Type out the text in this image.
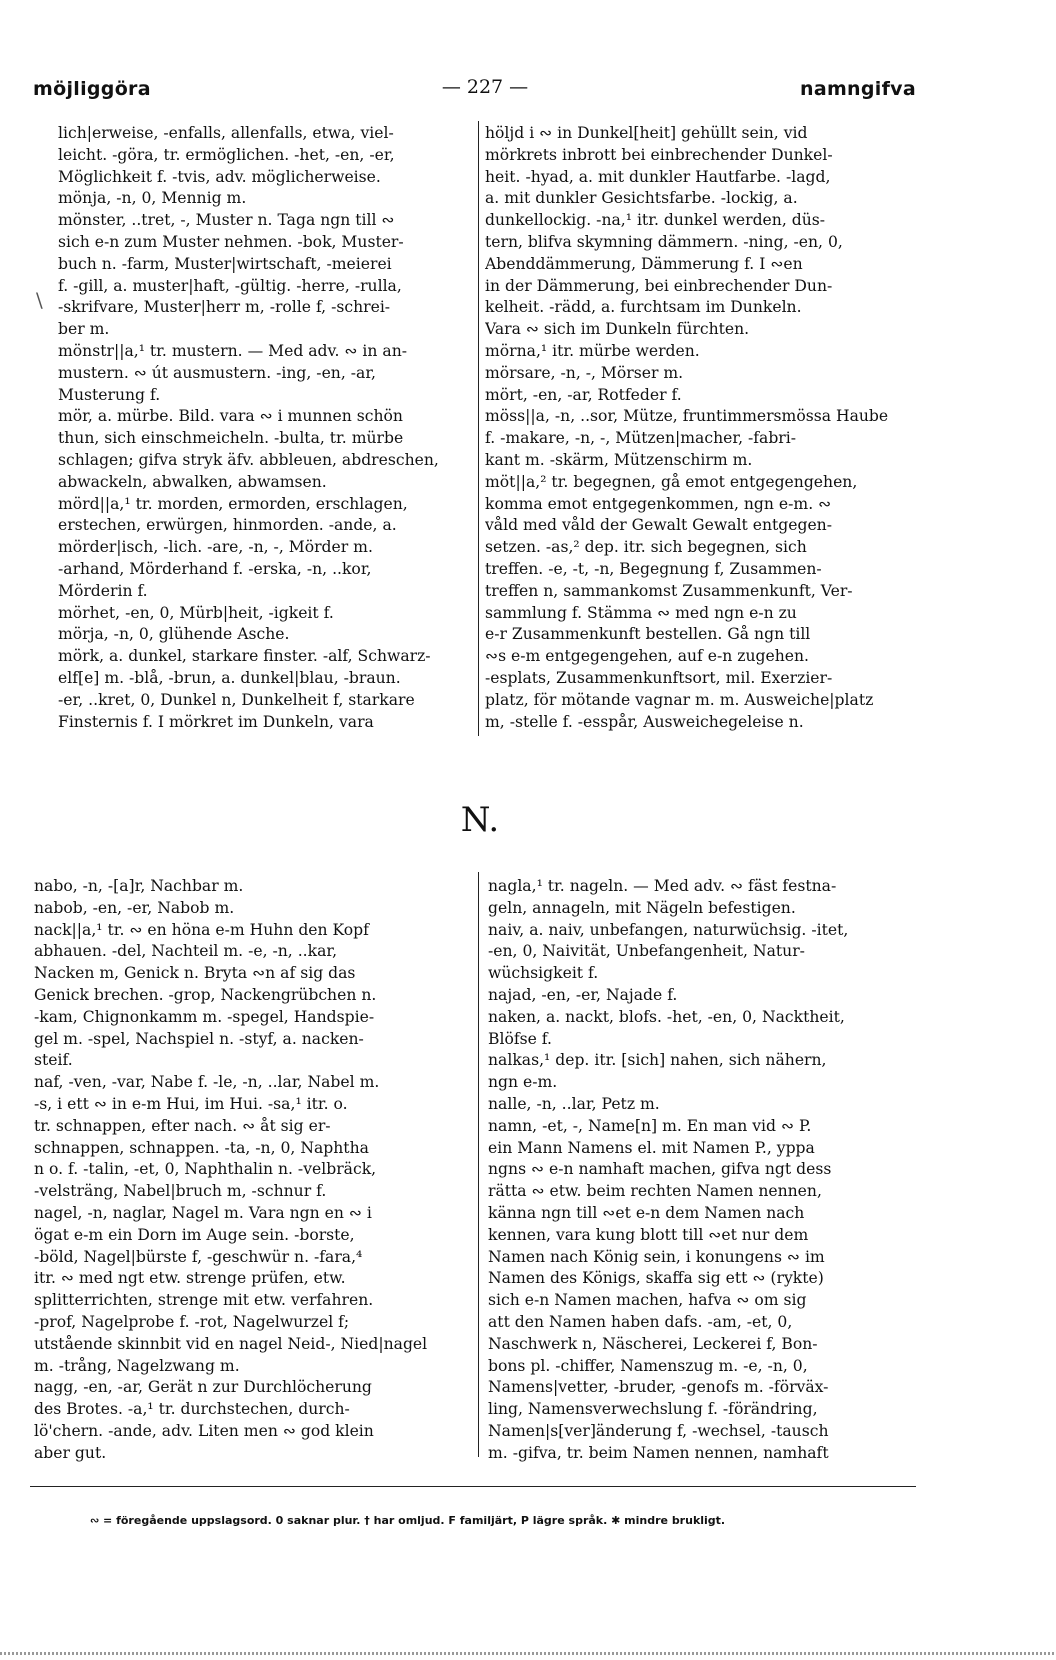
möjliggöra	— 227 —	namngifva
\
lich|erweise, -enfalls, allenfalls, etwa, viel-
leicht. -göra, tr. ermöglichen. -het, -en, -er,
Möglichkeit f. -tvis, adv. möglicherweise.
mönja, -n, 0, Mennig m.
mönster, ..tret, -, Muster n. Taga ngn till ∾
sich e-n zum Muster nehmen. -bok, Muster-
buch n. -farm, Muster|wirtschaft, -meierei
f. -gill, a. muster|haft, -gültig. -herre, -rulla,
-skrifvare, Muster|herr m, -rolle f, -schrei-
ber m.
mönstr||a,¹ tr. mustern. — Med adv. ∾ in an-
mustern. ∾ út ausmustern. -ing, -en, -ar,
Musterung f.
mör, a. mürbe. Bild. vara ∾ i munnen schön
thun, sich einschmeicheln. -bulta, tr. mürbe
schlagen; gifva stryk äfv. abbleuen, abdreschen,
abwackeln, abwalken, abwamsen.
mörd||a,¹ tr. morden, ermorden, erschlagen,
erstechen, erwürgen, hinmorden. -ande, a.
mörder|isch, -lich. -are, -n, -, Mörder m.
-arhand, Mörderhand f. -erska, -n, ..kor,
Mörderin f.
mörhet, -en, 0, Mürb|heit, -igkeit f.
mörja, -n, 0, glühende Asche.
mörk, a. dunkel, starkare finster. -alf, Schwarz-
elf[e] m. -blå, -brun, a. dunkel|blau, -braun.
-er, ..kret, 0, Dunkel n, Dunkelheit f, starkare
Finsternis f. I mörkret im Dunkeln, vara
höljd i ∾ in Dunkel[heit] gehüllt sein, vid
mörkrets inbrott bei einbrechender Dunkel-
heit. -hyad, a. mit dunkler Hautfarbe. -lagd,
a. mit dunkler Gesichtsfarbe. -lockig, a.
dunkellockig. -na,¹ itr. dunkel werden, düs-
tern, blifva skymning dämmern. -ning, -en, 0,
Abenddämmerung, Dämmerung f. I ∾en
in der Dämmerung, bei einbrechender Dun-
kelheit. -rädd, a. furchtsam im Dunkeln.
Vara ∾ sich im Dunkeln fürchten.
mörna,¹ itr. mürbe werden.
mörsare, -n, -, Mörser m.
mört, -en, -ar, Rotfeder f.
möss||a, -n, ..sor, Mütze, fruntimmersmössa Haube
f. -makare, -n, -, Mützen|macher, -fabri-
kant m. -skärm, Mützenschirm m.
möt||a,² tr. begegnen, gå emot entgegengehen,
komma emot entgegenkommen, ngn e-m. ∾
våld med våld der Gewalt Gewalt entgegen-
setzen. -as,² dep. itr. sich begegnen, sich
treffen. -e, -t, -n, Begegnung f, Zusammen-
treffen n, sammankomst Zusammenkunft, Ver-
sammlung f. Stämma ∾ med ngn e-n zu
e-r Zusammenkunft bestellen. Gå ngn till
∾s e-m entgegengehen, auf e-n zugehen.
-esplats, Zusammenkunftsort, mil. Exerzier-
platz, för mötande vagnar m. m. Ausweiche|platz
m, -stelle f. -esspår, Ausweichegeleise n.
N.
nabo, -n, -[a]r, Nachbar m.
nabob, -en, -er, Nabob m.
nack||a,¹ tr. ∾ en höna e-m Huhn den Kopf
abhauen. -del, Nachteil m. -e, -n, ..kar,
Nacken m, Genick n. Bryta ∾n af sig das
Genick brechen. -grop, Nackengrübchen n.
-kam, Chignonkamm m. -spegel, Handspie-
gel m. -spel, Nachspiel n. -styf, a. nacken-
steif.
naf, -ven, -var, Nabe f. -le, -n, ..lar, Nabel m.
-s, i ett ∾ in e-m Hui, im Hui. -sa,¹ itr. o.
tr. schnappen, efter nach. ∾ åt sig er-
schnappen, schnappen. -ta, -n, 0, Naphtha
n o. f. -talin, -et, 0, Naphthalin n. -velbräck,
-velsträng, Nabel|bruch m, -schnur f.
nagel, -n, naglar, Nagel m. Vara ngn en ∾ i
ögat e-m ein Dorn im Auge sein. -borste,
-böld, Nagel|bürste f, -geschwür n. -fara,⁴
itr. ∾ med ngt etw. strenge prüfen, etw.
splitterrichten, strenge mit etw. verfahren.
-prof, Nagelprobe f. -rot, Nagelwurzel f;
utstående skinnbit vid en nagel Neid-, Nied|nagel
m. -trång, Nagelzwang m.
nagg, -en, -ar, Gerät n zur Durchlöcherung
des Brotes. -a,¹ tr. durchstechen, durch-
lö'chern. -ande, adv. Liten men ∾ god klein
aber gut.
nagla,¹ tr. nageln. — Med adv. ∾ fäst festna-
geln, annageln, mit Nägeln befestigen.
naiv, a. naiv, unbefangen, naturwüchsig. -itet,
-en, 0, Naivität, Unbefangenheit, Natur-
wüchsigkeit f.
najad, -en, -er, Najade f.
naken, a. nackt, blofs. -het, -en, 0, Nacktheit,
Blöfse f.
nalkas,¹ dep. itr. [sich] nahen, sich nähern,
ngn e-m.
nalle, -n, ..lar, Petz m.
namn, -et, -, Name[n] m. En man vid ∾ P.
ein Mann Namens el. mit Namen P., yppa
ngns ∾ e-n namhaft machen, gifva ngt dess
rätta ∾ etw. beim rechten Namen nennen,
känna ngn till ∾et e-n dem Namen nach
kennen, vara kung blott till ∾et nur dem
Namen nach König sein, i konungens ∾ im
Namen des Königs, skaffa sig ett ∾ (rykte)
sich e-n Namen machen, hafva ∾ om sig
att den Namen haben dafs. -am, -et, 0,
Naschwerk n, Näscherei, Leckerei f, Bon-
bons pl. -chiffer, Namenszug m. -e, -n, 0,
Namens|vetter, -bruder, -genofs m. -förväx-
ling, Namensverwechslung f. -förändring,
Namen|s[ver]änderung f, -wechsel, -tausch
m. -gifva, tr. beim Namen nennen, namhaft
∾ = föregående uppslagsord. 0 saknar plur. † har omljud. F familjärt, P lägre språk. ✱ mindre brukligt.
